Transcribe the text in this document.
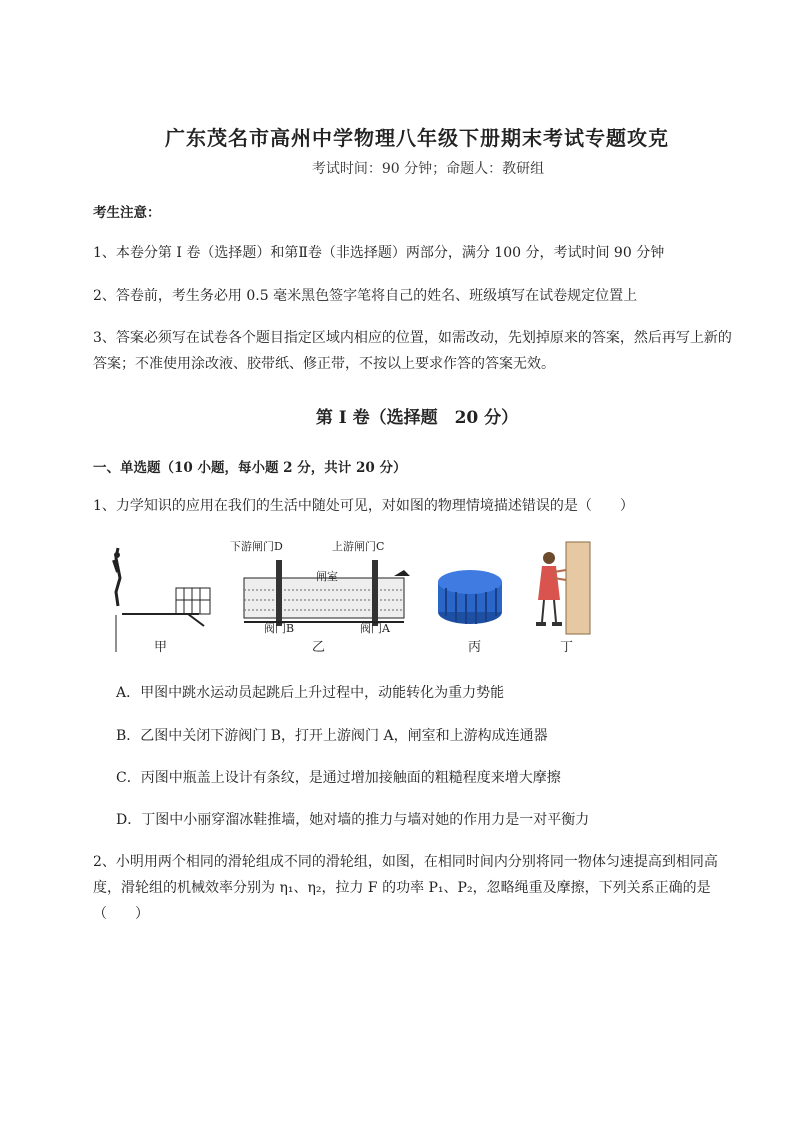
广东茂名市高州中学物理八年级下册期末考试专题攻克
考试时间：90 分钟；命题人：教研组
考生注意：
1、本卷分第 I 卷（选择题）和第Ⅱ卷（非选择题）两部分，满分 100 分，考试时间 90 分钟
2、答卷前，考生务必用 0.5 毫米黑色签字笔将自己的姓名、班级填写在试卷规定位置上
3、答案必须写在试卷各个题目指定区域内相应的位置，如需改动，先划掉原来的答案，然后再写上新的答案；不准使用涂改液、胶带纸、修正带，不按以上要求作答的答案无效。
第 I 卷（选择题　20 分）
一、单选题（10 小题，每小题 2 分，共计 20 分）
1、力学知识的应用在我们的生活中随处可见，对如图的物理情境描述错误的是（　　）
下游闸门D	上游闸门C
闸室
阀门B	阀门A
甲	乙	丙	丁
A．甲图中跳水运动员起跳后上升过程中，动能转化为重力势能
B．乙图中关闭下游阀门 B，打开上游阀门 A，闸室和上游构成连通器
C．丙图中瓶盖上设计有条纹，是通过增加接触面的粗糙程度来增大摩擦
D．丁图中小丽穿溜冰鞋推墙，她对墙的推力与墙对她的作用力是一对平衡力
2、小明用两个相同的滑轮组成不同的滑轮组，如图，在相同时间内分别将同一物体匀速提高到相同高度，滑轮组的机械效率分别为 η₁、η₂，拉力 F 的功率 P₁、P₂，忽略绳重及摩擦，下列关系正确的是（　　）
